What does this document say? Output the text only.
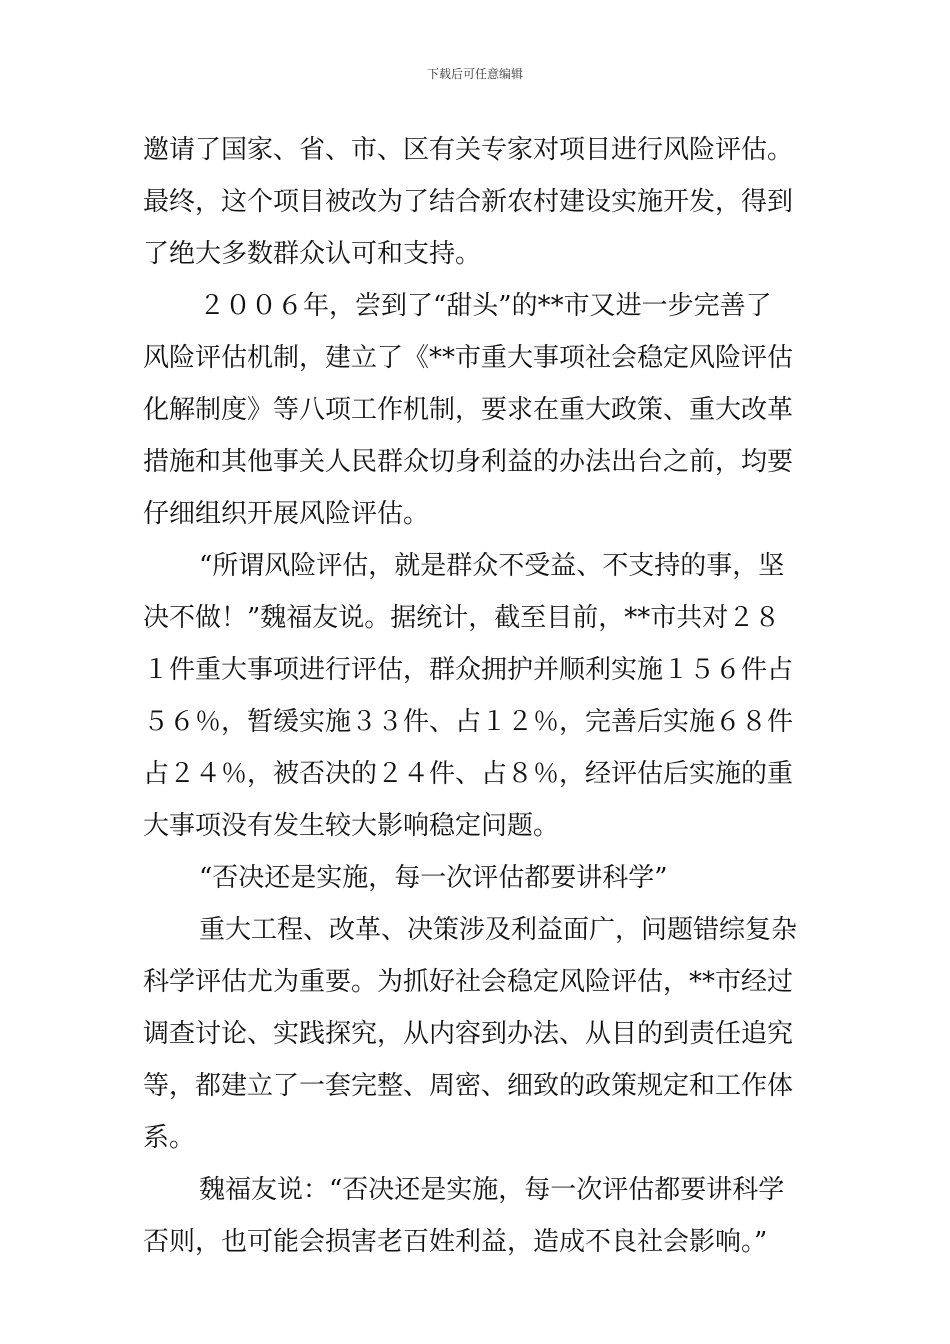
下载后可任意编辑
邀请了国家、省、市、区有关专家对项目进行风险评估。
最终，这个项目被改为了结合新农村建设实施开发，得到
了绝大多数群众认可和支持。
２００６年，尝到了“甜头”的**市又进一步完善了
风险评估机制，建立了《**市重大事项社会稳定风险评估
化解制度》等八项工作机制，要求在重大政策、重大改革
措施和其他事关人民群众切身利益的办法出台之前，均要
仔细组织开展风险评估。
“所谓风险评估，就是群众不受益、不支持的事，坚
决不做！”魏福友说。据统计，截至目前，**市共对２８
１件重大事项进行评估，群众拥护并顺利实施１５６件占
５６％，暂缓实施３３件、占１２％，完善后实施６８件
占２４％，被否决的２４件、占８％，经评估后实施的重
大事项没有发生较大影响稳定问题。
“否决还是实施，每一次评估都要讲科学”
重大工程、改革、决策涉及利益面广，问题错综复杂
科学评估尤为重要。为抓好社会稳定风险评估，**市经过
调查讨论、实践探究，从内容到办法、从目的到责任追究
等，都建立了一套完整、周密、细致的政策规定和工作体
系。
魏福友说：“否决还是实施，每一次评估都要讲科学
否则，也可能会损害老百姓利益，造成不良社会影响。”
